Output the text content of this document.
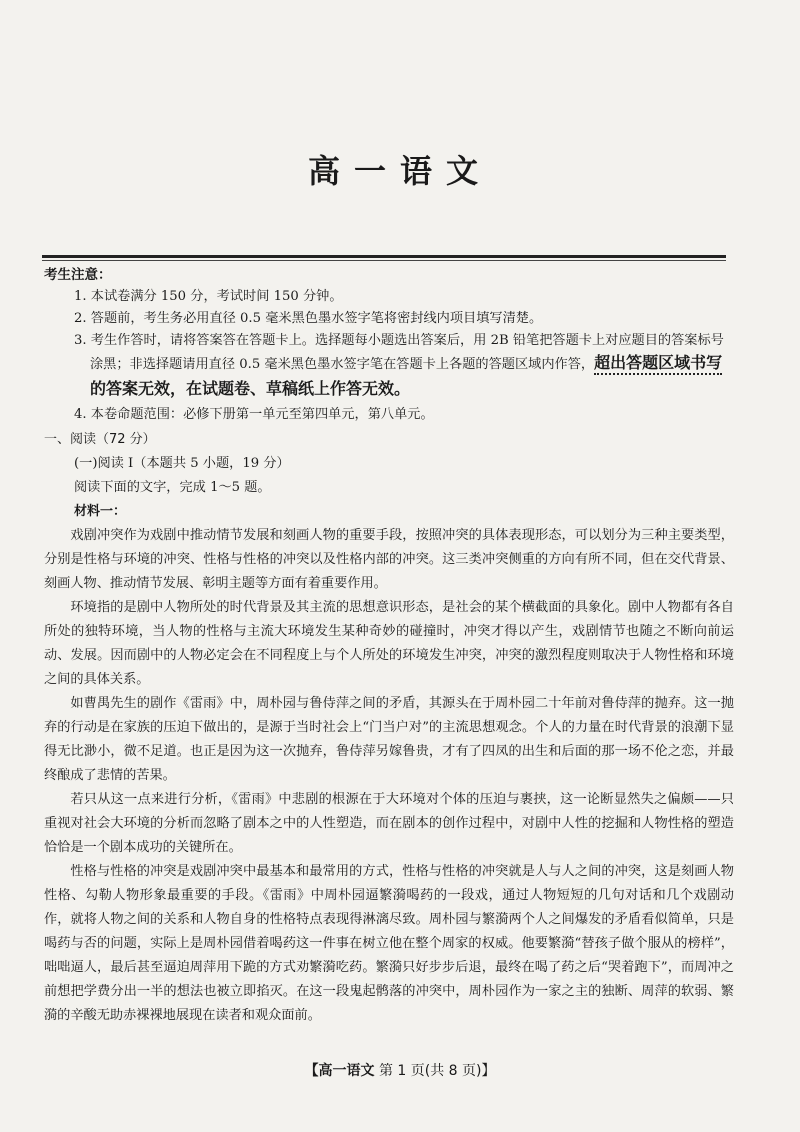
高一语文
考生注意：
1. 本试卷满分 150 分，考试时间 150 分钟。
2. 答题前，考生务必用直径 0.5 毫米黑色墨水签字笔将密封线内项目填写清楚。
3. 考生作答时，请将答案答在答题卡上。选择题每小题选出答案后，用 2B 铅笔把答题卡上对应题目的答案标号
涂黑；非选择题请用直径 0.5 毫米黑色墨水签字笔在答题卡上各题的答题区域内作答，超出答题区域书写
的答案无效，在试题卷、草稿纸上作答无效。
4. 本卷命题范围：必修下册第一单元至第四单元，第八单元。
一、阅读（72 分）
(一)阅读 Ⅰ（本题共 5 小题，19 分）
阅读下面的文字，完成 1～5 题。
材料一：

戏剧冲突作为戏剧中推动情节发展和刻画人物的重要手段，按照冲突的具体表现形态，可以划分为三种主要类型，分别是性格与环境的冲突、性格与性格的冲突以及性格内部的冲突。这三类冲突侧重的方向有所不同，但在交代背景、刻画人物、推动情节发展、彰明主题等方面有着重要作用。

环境指的是剧中人物所处的时代背景及其主流的思想意识形态，是社会的某个横截面的具象化。剧中人物都有各自所处的独特环境，当人物的性格与主流大环境发生某种奇妙的碰撞时，冲突才得以产生，戏剧情节也随之不断向前运动、发展。因而剧中的人物必定会在不同程度上与个人所处的环境发生冲突，冲突的激烈程度则取决于人物性格和环境之间的具体关系。

如曹禺先生的剧作《雷雨》中，周朴园与鲁侍萍之间的矛盾，其源头在于周朴园二十年前对鲁侍萍的抛弃。这一抛弃的行动是在家族的压迫下做出的，是源于当时社会上“门当户对”的主流思想观念。个人的力量在时代背景的浪潮下显得无比渺小，微不足道。也正是因为这一次抛弃，鲁侍萍另嫁鲁贵，才有了四凤的出生和后面的那一场不伦之恋，并最终酿成了悲情的苦果。

若只从这一点来进行分析，《雷雨》中悲剧的根源在于大环境对个体的压迫与裹挟，这一论断显然失之偏颇——只重视对社会大环境的分析而忽略了剧本之中的人性塑造，而在剧本的创作过程中，对剧中人性的挖掘和人物性格的塑造恰恰是一个剧本成功的关键所在。

性格与性格的冲突是戏剧冲突中最基本和最常用的方式，性格与性格的冲突就是人与人之间的冲突，这是刻画人物性格、勾勒人物形象最重要的手段。《雷雨》中周朴园逼繁漪喝药的一段戏，通过人物短短的几句对话和几个戏剧动作，就将人物之间的关系和人物自身的性格特点表现得淋漓尽致。周朴园与繁漪两个人之间爆发的矛盾看似简单，只是喝药与否的问题，实际上是周朴园借着喝药这一件事在树立他在整个周家的权威。他要繁漪“替孩子做个服从的榜样”，咄咄逼人，最后甚至逼迫周萍用下跪的方式劝繁漪吃药。繁漪只好步步后退，最终在喝了药之后“哭着跑下”，而周冲之前想把学费分出一半的想法也被立即掐灭。在这一段鬼起鹘落的冲突中，周朴园作为一家之主的独断、周萍的软弱、繁漪的辛酸无助赤裸裸地展现在读者和观众面前。

【高一语文 第 1 页(共 8 页)】
